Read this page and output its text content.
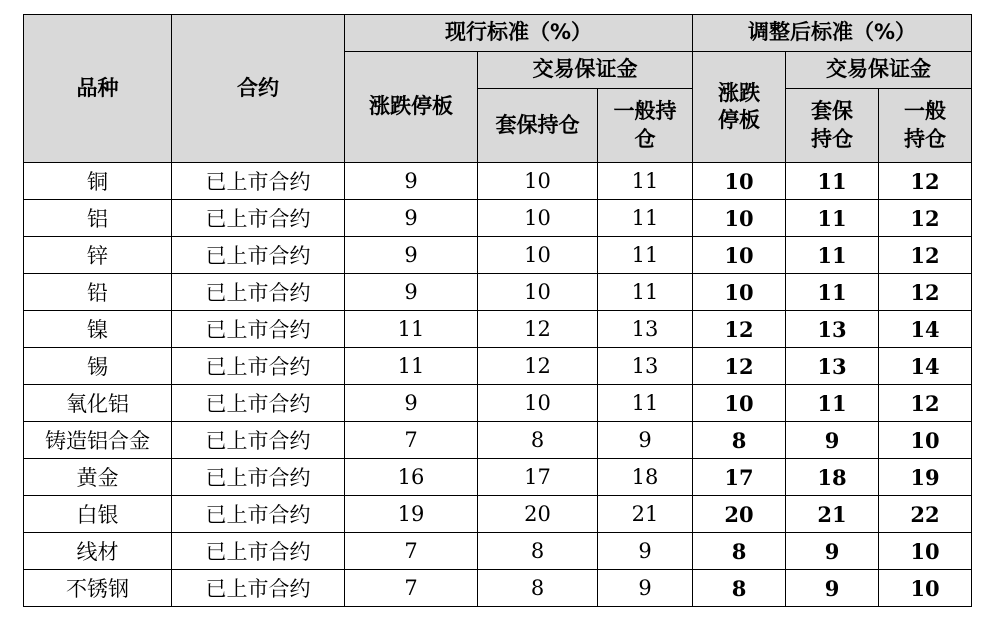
品种	合约	现行标准（%）			调整后标准（%）		
		涨跌停板	交易保证金		涨跌停板	交易保证金	
			套保持仓	一般持仓		套保持仓	一般持仓
铜	已上市合约	9	10	11	10	11	12
铝	已上市合约	9	10	11	10	11	12
锌	已上市合约	9	10	11	10	11	12
铅	已上市合约	9	10	11	10	11	12
镍	已上市合约	11	12	13	12	13	14
锡	已上市合约	11	12	13	12	13	14
氧化铝	已上市合约	9	10	11	10	11	12
铸造铝合金	已上市合约	7	8	9	8	9	10
黄金	已上市合约	16	17	18	17	18	19
白银	已上市合约	19	20	21	20	21	22
线材	已上市合约	7	8	9	8	9	10
不锈钢	已上市合约	7	8	9	8	9	10
